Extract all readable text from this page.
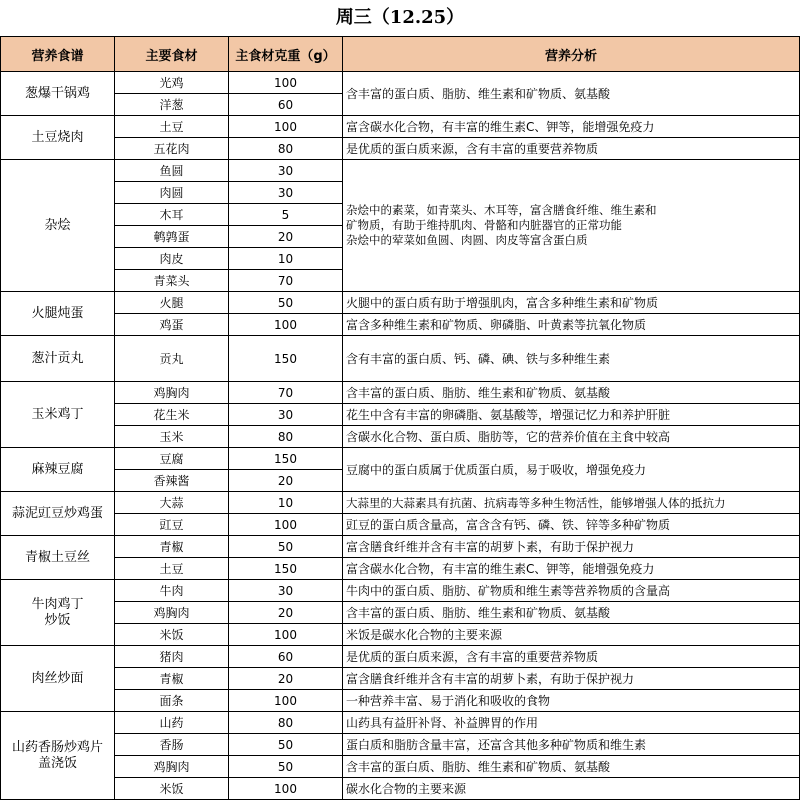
周三（12.25）
营养食谱	主要食材	主食材克重（g）	营养分析
葱爆干锅鸡	光鸡	100	含丰富的蛋白质、脂肪、维生素和矿物质、氨基酸
	洋葱	60	
土豆烧肉	土豆	100	富含碳水化合物，有丰富的维生素C、钾等，能增强免疫力
	五花肉	80	是优质的蛋白质来源，含有丰富的重要营养物质
杂烩	鱼圆	30	杂烩中的素菜，如青菜头、木耳等，富含膳食纤维、维生素和
矿物质，有助于维持肌肉、骨骼和内脏器官的正常功能
杂烩中的荤菜如鱼圆、肉圆、肉皮等富含蛋白质

	肉圆	30	
	木耳	5	
	鹌鹑蛋	20	
	肉皮	10	
	青菜头	70	
火腿炖蛋	火腿	50	火腿中的蛋白质有助于增强肌肉，富含多种维生素和矿物质
	鸡蛋	100	富含多种维生素和矿物质、卵磷脂、叶黄素等抗氧化物质
葱汁贡丸	贡丸	150	含有丰富的蛋白质、钙、磷、碘、铁与多种维生素
玉米鸡丁	鸡胸肉	70	含丰富的蛋白质、脂肪、维生素和矿物质、氨基酸
	花生米	30	花生中含有丰富的卵磷脂、氨基酸等，增强记忆力和养护肝脏
	玉米	80	含碳水化合物、蛋白质、脂肪等，它的营养价值在主食中较高
麻辣豆腐	豆腐	150	豆腐中的蛋白质属于优质蛋白质，易于吸收，增强免疫力
	香辣酱	20	
蒜泥豇豆炒鸡蛋	大蒜	10	大蒜里的大蒜素具有抗菌、抗病毒等多种生物活性，能够增强人体的抵抗力
	豇豆	100	豇豆的蛋白质含量高，富含含有钙、磷、铁、锌等多种矿物质
青椒土豆丝	青椒	50	富含膳食纤维并含有丰富的胡萝卜素，有助于保护视力
	土豆	150	富含碳水化合物，有丰富的维生素C、钾等，能增强免疫力

牛肉鸡丁
炒饭	牛肉	30	牛肉中的蛋白质、脂肪、矿物质和维生素等营养物质的含量高
	鸡胸肉	20	含丰富的蛋白质、脂肪、维生素和矿物质、氨基酸
	米饭	100	米饭是碳水化合物的主要来源
肉丝炒面	猪肉	60	是优质的蛋白质来源，含有丰富的重要营养物质
	青椒	20	富含膳食纤维并含有丰富的胡萝卜素，有助于保护视力
	面条	100	一种营养丰富、易于消化和吸收的食物

山药香肠炒鸡片
盖浇饭	山药	80	山药具有益肝补肾、补益脾胃的作用
	香肠	50	蛋白质和脂肪含量丰富，还富含其他多种矿物质和维生素
	鸡胸肉	50	含丰富的蛋白质、脂肪、维生素和矿物质、氨基酸
	米饭	100	碳水化合物的主要来源
